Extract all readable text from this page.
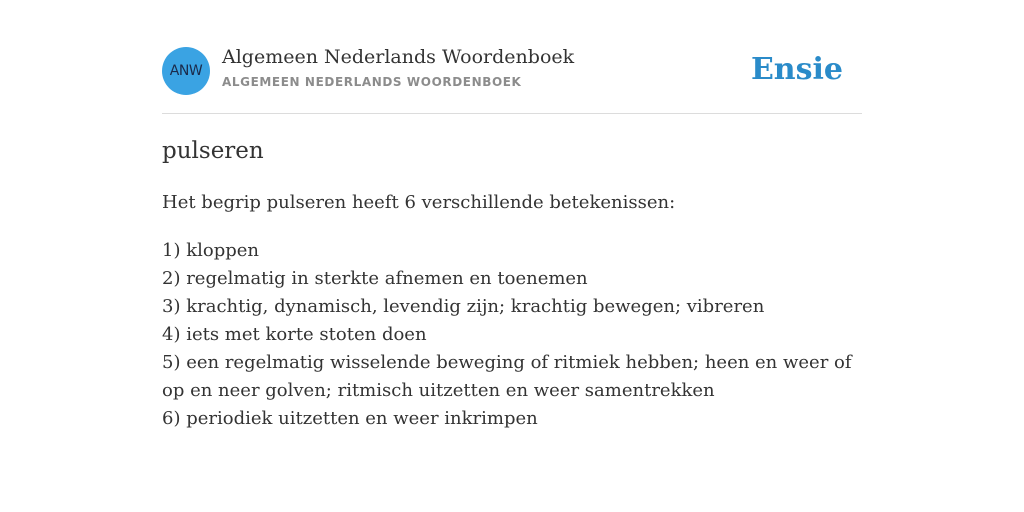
ANW
Algemeen Nederlands Woordenboek
ALGEMEEN NEDERLANDS WOORDENBOEK	Ensie
pulseren
Het begrip pulseren heeft 6 verschillende betekenissen:
1) kloppen
2) regelmatig in sterkte afnemen en toenemen
3) krachtig, dynamisch, levendig zijn; krachtig bewegen; vibreren
4) iets met korte stoten doen
5) een regelmatig wisselende beweging of ritmiek hebben; heen en weer of op en neer golven; ritmisch uitzetten en weer samentrekken
6) periodiek uitzetten en weer inkrimpen
